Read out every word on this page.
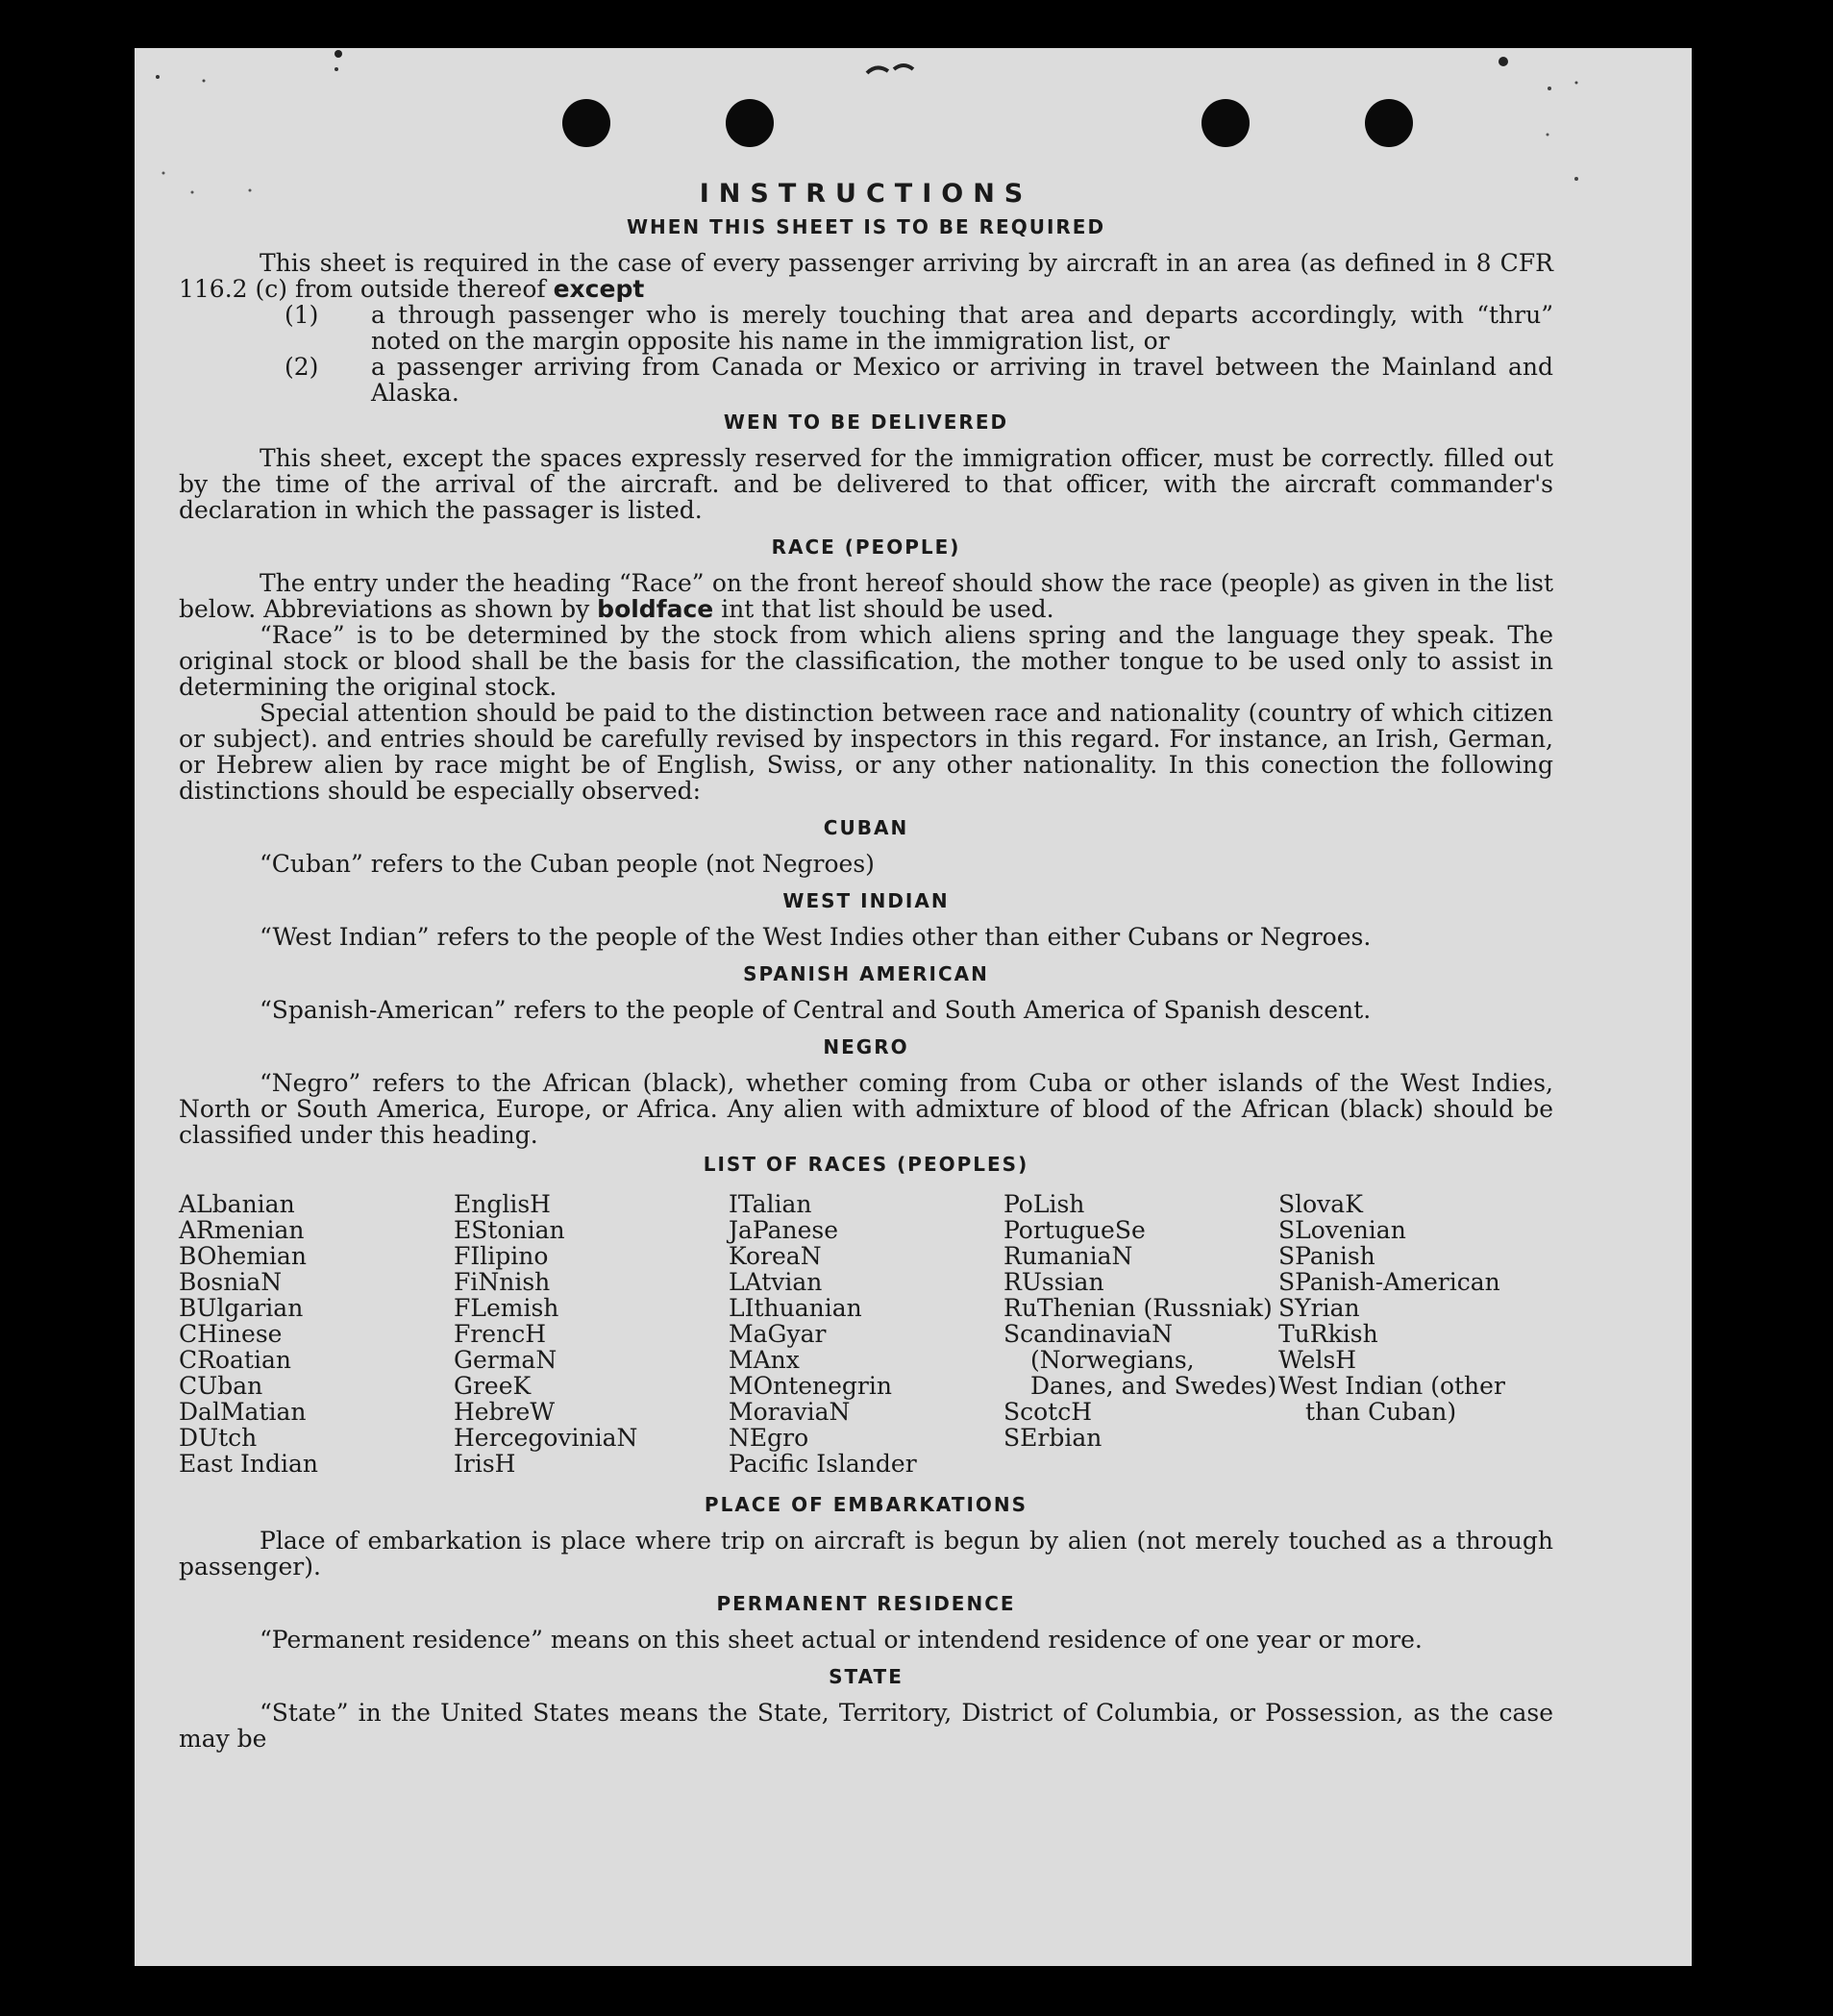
INSTRUCTIONS
WHEN THIS SHEET IS TO BE REQUIRED

This sheet is required in the case of every passenger arriving by aircraft in an area (as defined in 8 CFR 116.2 (c) from outside thereof except

(1) a through passenger who is merely touching that area and departs accordingly, with “thru” noted on the margin opposite his name in the immigration list, or
(2) a passenger arriving from Canada or Mexico or arriving in travel between the Mainland and Alaska.
WEN TO BE DELIVERED

This sheet, except the spaces expressly reserved for the immigration officer, must be correctly. filled out by the time of the arrival of the aircraft. and be delivered to that officer, with the aircraft commander's declaration in which the passager is listed.

RACE (PEOPLE)

The entry under the heading “Race” on the front hereof should show the race (people) as given in the list below. Abbreviations as shown by boldface int that list should be used.

“Race” is to be determined by the stock from which aliens spring and the language they speak. The original stock or blood shall be the basis for the classification, the mother tongue to be used only to assist in determining the original stock.

Special attention should be paid to the distinction between race and nationality (country of which citizen or subject). and entries should be carefully revised by inspectors in this regard. For instance, an Irish, German, or Hebrew alien by race might be of English, Swiss, or any other nationality. In this conection the following distinctions should be especially observed:

CUBAN

“Cuban” refers to the Cuban people (not Negroes)

WEST INDIAN

“West Indian” refers to the people of the West Indies other than either Cubans or Negroes.

SPANISH AMERICAN

“Spanish-American” refers to the people of Central and South America of Spanish descent.

NEGRO

“Negro” refers to the African (black), whether coming from Cuba or other islands of the West Indies, North or South America, Europe, or Africa. Any alien with admixture of blood of the African (black) should be classified under this heading.

LIST OF RACES (PEOPLES)
ALbanian
ARmenian
BOhemian
BosniaN
BUlgarian
CHinese
CRoatian
CUban
DalMatian
DUtch
East Indian
EnglisH
EStonian
FIlipino
FiNnish
FLemish
FrencH
GermaN
GreeK
HebreW
HercegoviniaN
IrisH
ITalian
JaPanese
KoreaN
LAtvian
LIthuanian
MaGyar
MAnx
MOntenegrin
MoraviaN
NEgro
Pacific Islander
PoLish
PortugueSe
RumaniaN
RUssian
RuThenian (Russniak)
ScandinaviaN (Norwegians, Danes, and Swedes)
ScotcH
SErbian
SlovaK
SLovenian
SPanish
SPanish-American
SYrian
TuRkish
WelsH
West Indian (other than Cuban)
PLACE OF EMBARKATIONS

Place of embarkation is place where trip on aircraft is begun by alien (not merely touched as a through passenger).

PERMANENT RESIDENCE

“Permanent residence” means on this sheet actual or intendend residence of one year or more.

STATE

“State” in the United States means the State, Territory, District of Columbia, or Possession, as the case may be
